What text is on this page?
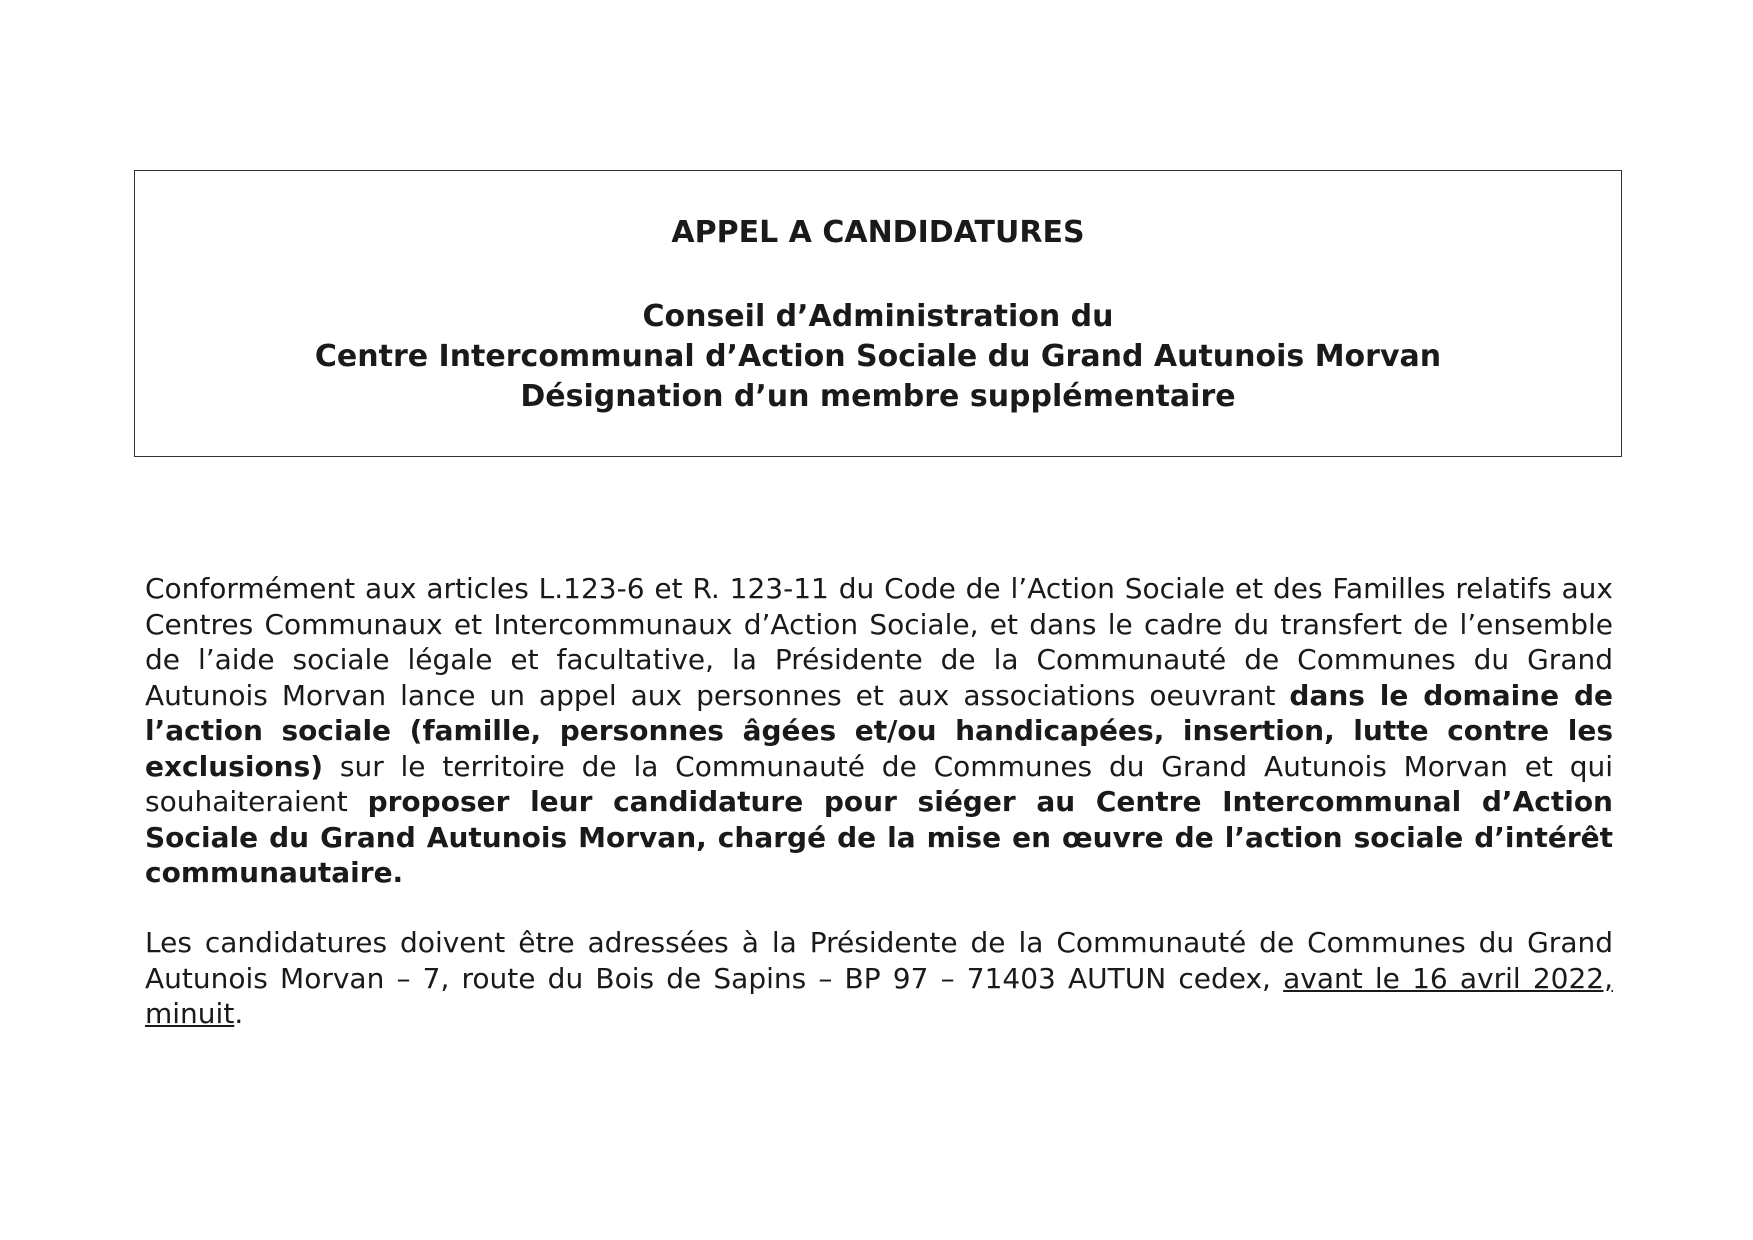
APPEL A CANDIDATURES
Conseil d’Administration du
Centre Intercommunal d’Action Sociale du Grand Autunois Morvan
Désignation d’un membre supplémentaire
Conformément aux articles L.123-6 et R. 123-11 du Code de l’Action Sociale et des Familles relatifs aux Centres Communaux et Intercommunaux d’Action Sociale, et dans le cadre du transfert de l’ensemble de l’aide sociale légale et facultative, la Présidente de la Communauté de Communes du Grand Autunois Morvan lance un appel aux personnes et aux associations oeuvrant dans le domaine de l’action sociale (famille, personnes âgées et/ou handicapées, insertion, lutte contre les exclusions) sur le territoire de la Communauté de Communes du Grand Autunois Morvan et qui souhaiteraient proposer leur candidature pour siéger au Centre Intercommunal d’Action Sociale du Grand Autunois Morvan, chargé de la mise en œuvre de l’action sociale d’intérêt communautaire.
Les candidatures doivent être adressées à la Présidente de la Communauté de Communes du Grand Autunois Morvan – 7, route du Bois de Sapins – BP 97 – 71403 AUTUN cedex, avant le 16 avril 2022, minuit.
